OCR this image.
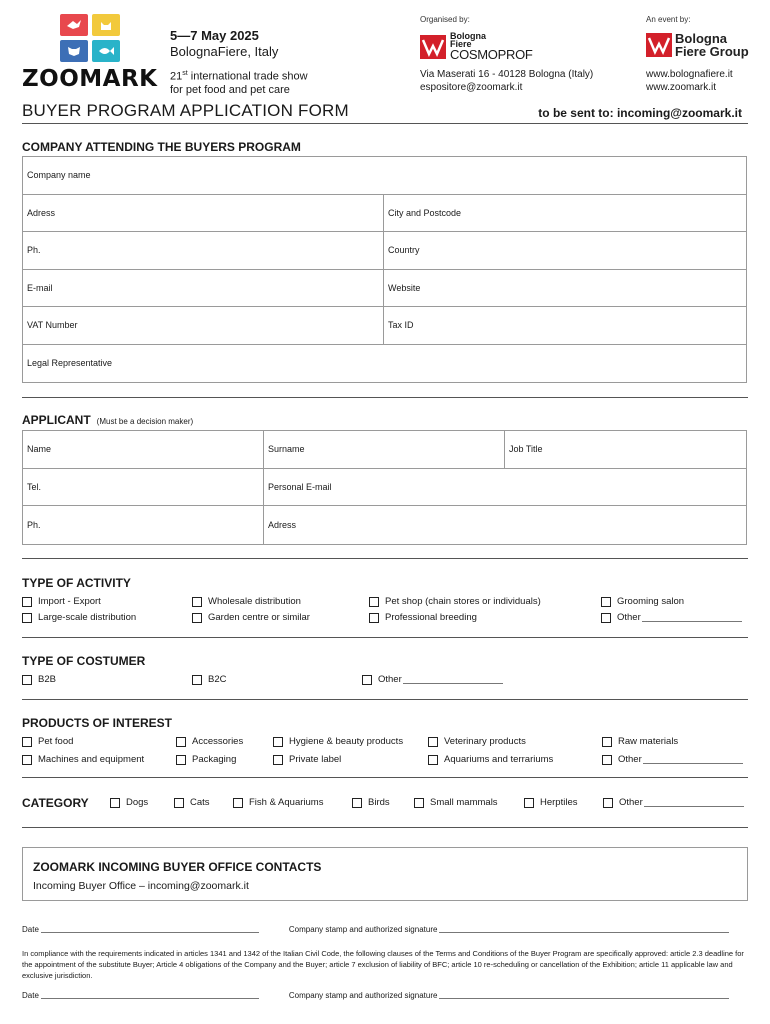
ZOOMARK
5—7 May 2025
BolognaFiere, Italy
21st international trade show
for pet food and pet care
Organised by:
Bologna
Fiere
COSMOPROF
An event by:
Bologna
Fiere Group
Via Maserati 16 - 40128 Bologna (Italy)
espositore@zoomark.it
www.bolognafiere.it
www.zoomark.it
BUYER PROGRAM APPLICATION FORM	to be sent to: incoming@zoomark.it
COMPANY ATTENDING THE BUYERS PROGRAM
Company name
Adress	City and Postcode
Ph.	Country
E-mail	Website
VAT Number	Tax ID
Legal Representative
APPLICANT (Must be a decision maker)
Name	Surname	Job Title
Tel.	Personal E-mail
Ph.	Adress
TYPE OF ACTIVITY
Import - Export
Large-scale distribution
Wholesale distribution
Garden centre or similar
Pet shop (chain stores or individuals)
Professional breeding
Grooming salon
Other
TYPE OF COSTUMER
B2B	B2C	Other
PRODUCTS OF INTEREST
Pet food
Machines and equipment
Accessories
Packaging
Hygiene & beauty products
Private label
Veterinary products
Aquariums and terrariums
Raw materials
Other
CATEGORY	Dogs	Cats	Fish & Aquariums	Birds	Small mammals	Herptiles	Other
ZOOMARK INCOMING BUYER OFFICE CONTACTS
Incoming Buyer Office – incoming@zoomark.it
Date	Company stamp and authorized signature
In compliance with the requirements indicated in articles 1341 and 1342 of the Italian Civil Code, the following clauses of the Terms and Conditions of the Buyer Program are specifically approved: article 2.3 deadline for the appointment of the substitute Buyer; Article 4 obligations of the Company and the Buyer; article 7 exclusion of liability of BFC; article 10 re-scheduling or cancellation of the Exhibition; article 11 applicable law and exclusive jurisdiction.
Date	Company stamp and authorized signature
